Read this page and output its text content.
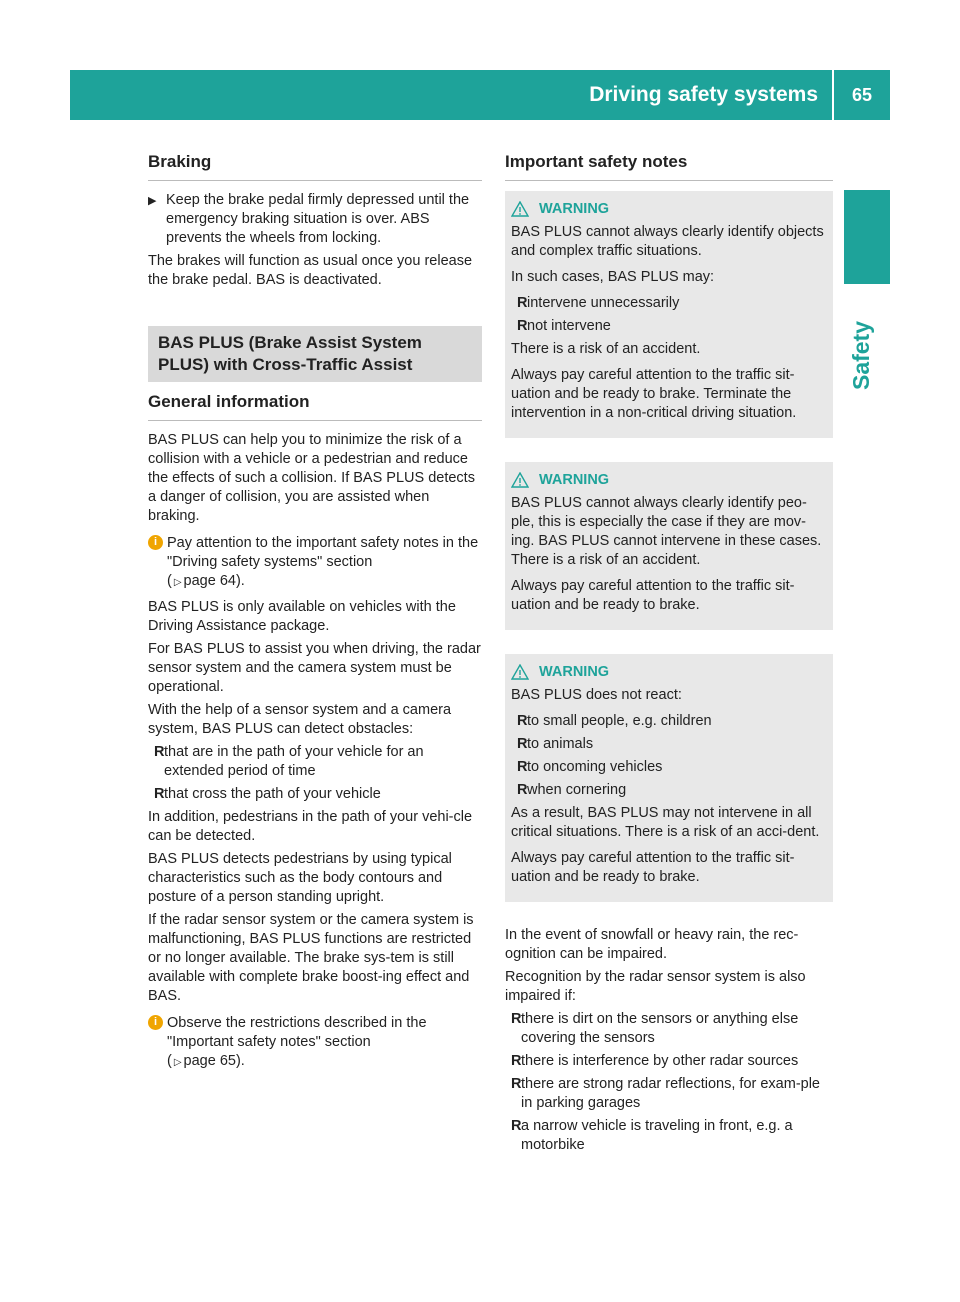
Driving safety systems	65
Safety
Braking
▶ Keep the brake pedal firmly depressed until the emergency braking situation is over. ABS prevents the wheels from locking.

The brakes will function as usual once you release the brake pedal. BAS is deactivated.

BAS PLUS (Brake Assist System PLUS) with Cross-Traffic Assist
General information

BAS PLUS can help you to minimize the risk of a collision with a vehicle or a pedestrian and reduce the effects of such a collision. If BAS PLUS detects a danger of collision, you are assisted when braking.

i Pay attention to the important safety notes in the "Driving safety systems" section
( ▷ page 64).

BAS PLUS is only available on vehicles with the Driving Assistance package.

For BAS PLUS to assist you when driving, the radar sensor system and the camera system must be operational.

With the help of a sensor system and a camera system, BAS PLUS can detect obstacles:

R that are in the path of your vehicle for an extended period of time
R that cross the path of your vehicle

In addition, pedestrians in the path of your vehi-cle can be detected.

BAS PLUS detects pedestrians by using typical characteristics such as the body contours and posture of a person standing upright.

If the radar sensor system or the camera system is malfunctioning, BAS PLUS functions are restricted or no longer available. The brake sys-tem is still available with complete brake boost-ing effect and BAS.

i Observe the restrictions described in the "Important safety notes" section
( ▷ page 65).
Important safety notes
WARNING

BAS PLUS cannot always clearly identify objects and complex traffic situations.

In such cases, BAS PLUS may:

R intervene unnecessarily
R not intervene

There is a risk of an accident.

Always pay careful attention to the traffic sit-uation and be ready to brake. Terminate the intervention in a non-critical driving situation.

WARNING

BAS PLUS cannot always clearly identify peo-ple, this is especially the case if they are mov-ing. BAS PLUS cannot intervene in these cases. There is a risk of an accident.

Always pay careful attention to the traffic sit-uation and be ready to brake.

WARNING

BAS PLUS does not react:

R to small people, e.g. children
R to animals
R to oncoming vehicles
R when cornering

As a result, BAS PLUS may not intervene in all critical situations. There is a risk of an acci-dent.

Always pay careful attention to the traffic sit-uation and be ready to brake.

In the event of snowfall or heavy rain, the rec-ognition can be impaired.

Recognition by the radar sensor system is also impaired if:

R there is dirt on the sensors or anything else covering the sensors
R there is interference by other radar sources
R there are strong radar reflections, for exam-ple in parking garages
R a narrow vehicle is traveling in front, e.g. a motorbike
